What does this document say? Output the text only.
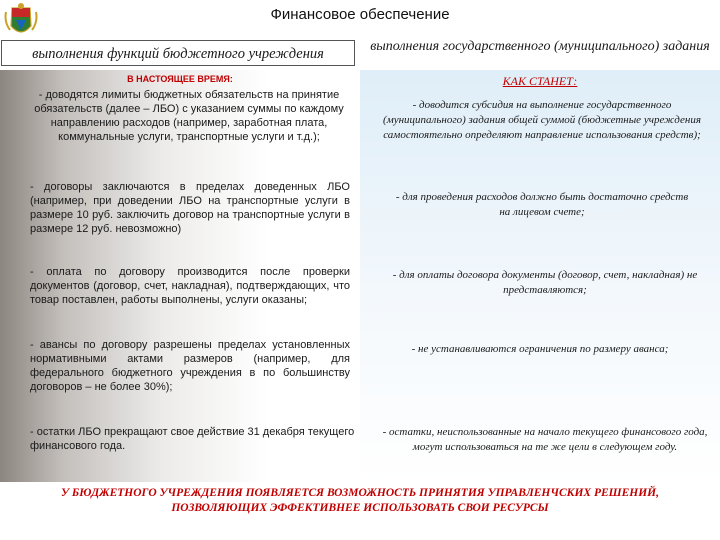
Финансовое обеспечение
выполнения функций бюджетного учреждения	выполнения государственного (муниципального) задания
В НАСТОЯЩЕЕ ВРЕМЯ:	КАК СТАНЕТ:
- доводятся лимиты бюджетных обязательств на принятие обязательств (далее – ЛБО) с указанием суммы по каждому направлению расходов (например, заработная плата, коммунальные услуги, транспортные услуги и т.д.);
- договоры заключаются в пределах доведенных ЛБО (например, при доведении ЛБО на транспортные услуги в размере 10 руб. заключить договор на транспортные услуги в размере 12 руб. невозможно)
- оплата по договору производится после проверки документов (договор, счет, накладная), подтверждающих, что товар поставлен, работы выполнены, услуги оказаны;
- авансы по договору разрешены пределах установленных нормативными актами размеров (например, для федерального бюджетного учреждения в по большинству договоров – не более 30%);
- остатки ЛБО прекращают свое действие 31 декабря текущего финансового года.
- доводится субсидия на выполнение государственного (муниципального) задания общей суммой (бюджетные учреждения самостоятельно определяют направление использования средств);
- для проведения расходов должно быть достаточно средств на лицевом счете;
- для оплаты договора документы (договор, счет, накладная) не представляются;
- не устанавливаются ограничения по размеру аванса;
- остатки, неиспользованные на начало текущего финансового года, могут использоваться на те же цели в следующем году.
У БЮДЖЕТНОГО УЧРЕЖДЕНИЯ ПОЯВЛЯЕТСЯ ВОЗМОЖНОСТЬ ПРИНЯТИЯ УПРАВЛЕНЧСКИХ РЕШЕНИЙ, ПОЗВОЛЯЮЩИХ ЭФФЕКТИВНЕЕ ИСПОЛЬЗОВАТЬ СВОИ РЕСУРСЫ
